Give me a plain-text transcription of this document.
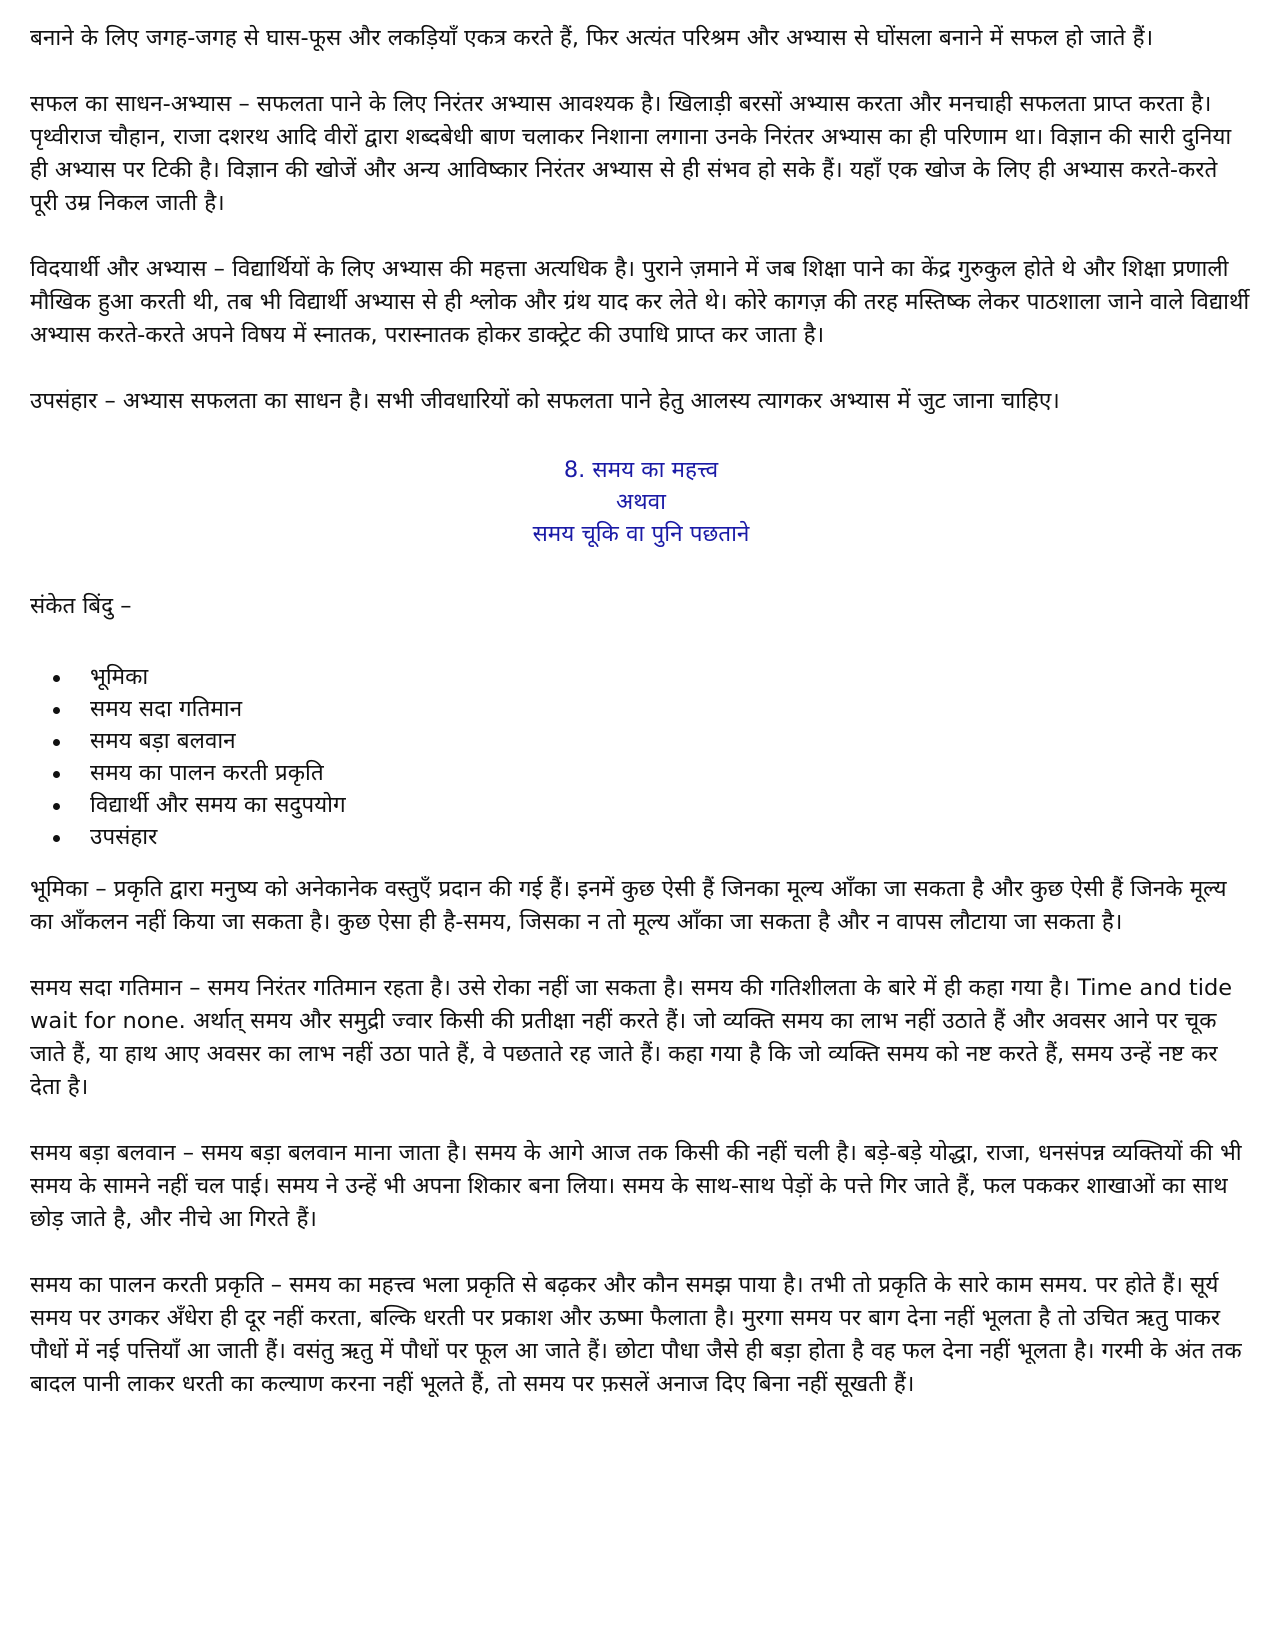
बनाने के लिए जगह-जगह से घास-फूस और लकड़ियाँ एकत्र करते हैं, फिर अत्यंत परिश्रम और अभ्यास से घोंसला बनाने में सफल हो जाते हैं।

सफल का साधन-अभ्यास – सफलता पाने के लिए निरंतर अभ्यास आवश्यक है। खिलाड़ी बरसों अभ्यास करता और मनचाही सफलता प्राप्त करता है। पृथ्वीराज चौहान, राजा दशरथ आदि वीरों द्वारा शब्दबेधी बाण चलाकर निशाना लगाना उनके निरंतर अभ्यास का ही परिणाम था। विज्ञान की सारी दुनिया ही अभ्यास पर टिकी है। विज्ञान की खोजें और अन्य आविष्कार निरंतर अभ्यास से ही संभव हो सके हैं। यहाँ एक खोज के लिए ही अभ्यास करते-करते पूरी उम्र निकल जाती है।

विदयार्थी और अभ्यास – विद्यार्थियों के लिए अभ्यास की महत्ता अत्यधिक है। पुराने ज़माने में जब शिक्षा पाने का केंद्र गुरुकुल होते थे और शिक्षा प्रणाली मौखिक हुआ करती थी, तब भी विद्यार्थी अभ्यास से ही श्लोक और ग्रंथ याद कर लेते थे। कोरे कागज़ की तरह मस्तिष्क लेकर पाठशाला जाने वाले विद्यार्थी अभ्यास करते-करते अपने विषय में स्नातक, परास्नातक होकर डाक्ट्रेट की उपाधि प्राप्त कर जाता है।

उपसंहार – अभ्यास सफलता का साधन है। सभी जीवधारियों को सफलता पाने हेतु आलस्य त्यागकर अभ्यास में जुट जाना चाहिए।

8. समय का महत्त्व
अथवा
समय चूकि वा पुनि पछताने

संकेत बिंदु –

भूमिका
समय सदा गतिमान
समय बड़ा बलवान
समय का पालन करती प्रकृति
विद्यार्थी और समय का सदुपयोग
उपसंहार

भूमिका – प्रकृति द्वारा मनुष्य को अनेकानेक वस्तुएँ प्रदान की गई हैं। इनमें कुछ ऐसी हैं जिनका मूल्य आँका जा सकता है और कुछ ऐसी हैं जिनके मूल्य का आँकलन नहीं किया जा सकता है। कुछ ऐसा ही है-समय, जिसका न तो मूल्य आँका जा सकता है और न वापस लौटाया जा सकता है।

समय सदा गतिमान – समय निरंतर गतिमान रहता है। उसे रोका नहीं जा सकता है। समय की गतिशीलता के बारे में ही कहा गया है। Time and tide wait for none. अर्थात् समय और समुद्री ज्वार किसी की प्रतीक्षा नहीं करते हैं। जो व्यक्ति समय का लाभ नहीं उठाते हैं और अवसर आने पर चूक जाते हैं, या हाथ आए अवसर का लाभ नहीं उठा पाते हैं, वे पछताते रह जाते हैं। कहा गया है कि जो व्यक्ति समय को नष्ट करते हैं, समय उन्हें नष्ट कर देता है।

समय बड़ा बलवान – समय बड़ा बलवान माना जाता है। समय के आगे आज तक किसी की नहीं चली है। बड़े-बड़े योद्धा, राजा, धनसंपन्न व्यक्तियों की भी समय के सामने नहीं चल पाई। समय ने उन्हें भी अपना शिकार बना लिया। समय के साथ-साथ पेड़ों के पत्ते गिर जाते हैं, फल पककर शाखाओं का साथ छोड़ जाते है, और नीचे आ गिरते हैं।

समय का पालन करती प्रकृति – समय का महत्त्व भला प्रकृति से बढ़कर और कौन समझ पाया है। तभी तो प्रकृति के सारे काम समय. पर होते हैं। सूर्य समय पर उगकर अँधेरा ही दूर नहीं करता, बल्कि धरती पर प्रकाश और ऊष्मा फैलाता है। मुरगा समय पर बाग देना नहीं भूलता है तो उचित ऋतु पाकर पौधों में नई पत्तियाँ आ जाती हैं। वसंतु ऋतु में पौधों पर फूल आ जाते हैं। छोटा पौधा जैसे ही बड़ा होता है वह फल देना नहीं भूलता है। गरमी के अंत तक बादल पानी लाकर धरती का कल्याण करना नहीं भूलते हैं, तो समय पर फ़सलें अनाज दिए बिना नहीं सूखती हैं।
